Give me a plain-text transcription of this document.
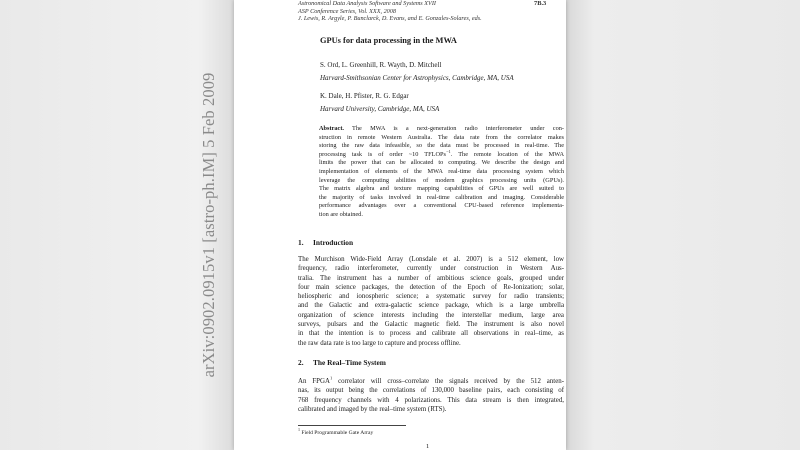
arXiv:0902.0915v1 [astro-ph.IM] 5 Feb 2009
Astronomical Data Analysis Software and Systems XVII
ASP Conference Series, Vol. XXX, 2008
J. Lewis, R. Argyle, P. Bunclarck, D. Evans, and E. Gonzales-Solares, eds.
7B.3
GPUs for data processing in the MWA
S. Ord, L. Greenhill, R. Wayth, D. Mitchell
Harvard-Smithsonian Center for Astrophysics, Cambridge, MA, USA
K. Dale, H. Pfister, R. G. Edgar
Harvard University, Cambridge, MA, USA
Abstract. The MWA is a next-generation radio interferometer under con-
struction in remote Western Australia. The data rate from the correlator makes
storing the raw data infeasible, so the data must be processed in real-time. The
processing task is of order ~10 TFLOPs$^{-1}$. The remote location of the MWA
limits the power that can be allocated to computing. We describe the design and
implementation of elements of the MWA real-time data processing system which
leverage the computing abilities of modern graphics processing units (GPUs).
The matrix algebra and texture mapping capabilities of GPUs are well suited to
the majority of tasks involved in real-time calibration and imaging. Considerable
performance advantages over a conventional CPU-based reference implementa-
tion are obtained.
1. Introduction
The Murchison Wide-Field Array (Lonsdale et al. 2007) is a 512 element, low
frequency, radio interferometer, currently under construction in Western Aus-
tralia. The instrument has a number of ambitious science goals, grouped under
four main science packages, the detection of the Epoch of Re-Ionization; solar,
heliospheric and ionospheric science; a systematic survey for radio transients;
and the Galactic and extra-galactic science package, which is a large umbrella
organization of science interests including the interstellar medium, large area
surveys, pulsars and the Galactic magnetic field. The instrument is also novel
in that the intention is to process and calibrate all observations in real–time, as
the raw data rate is too large to capture and process offline.
2. The Real–Time System
An FPGA$^1$ correlator will cross–correlate the signals received by the 512 anten-
nas, its output being the correlations of 130,000 baseline pairs, each consisting of
768 frequency channels with 4 polarizations. This data stream is then integrated,
calibrated and imaged by the real–time system (RTS).
$^1$ Field Programmable Gate Array
1
